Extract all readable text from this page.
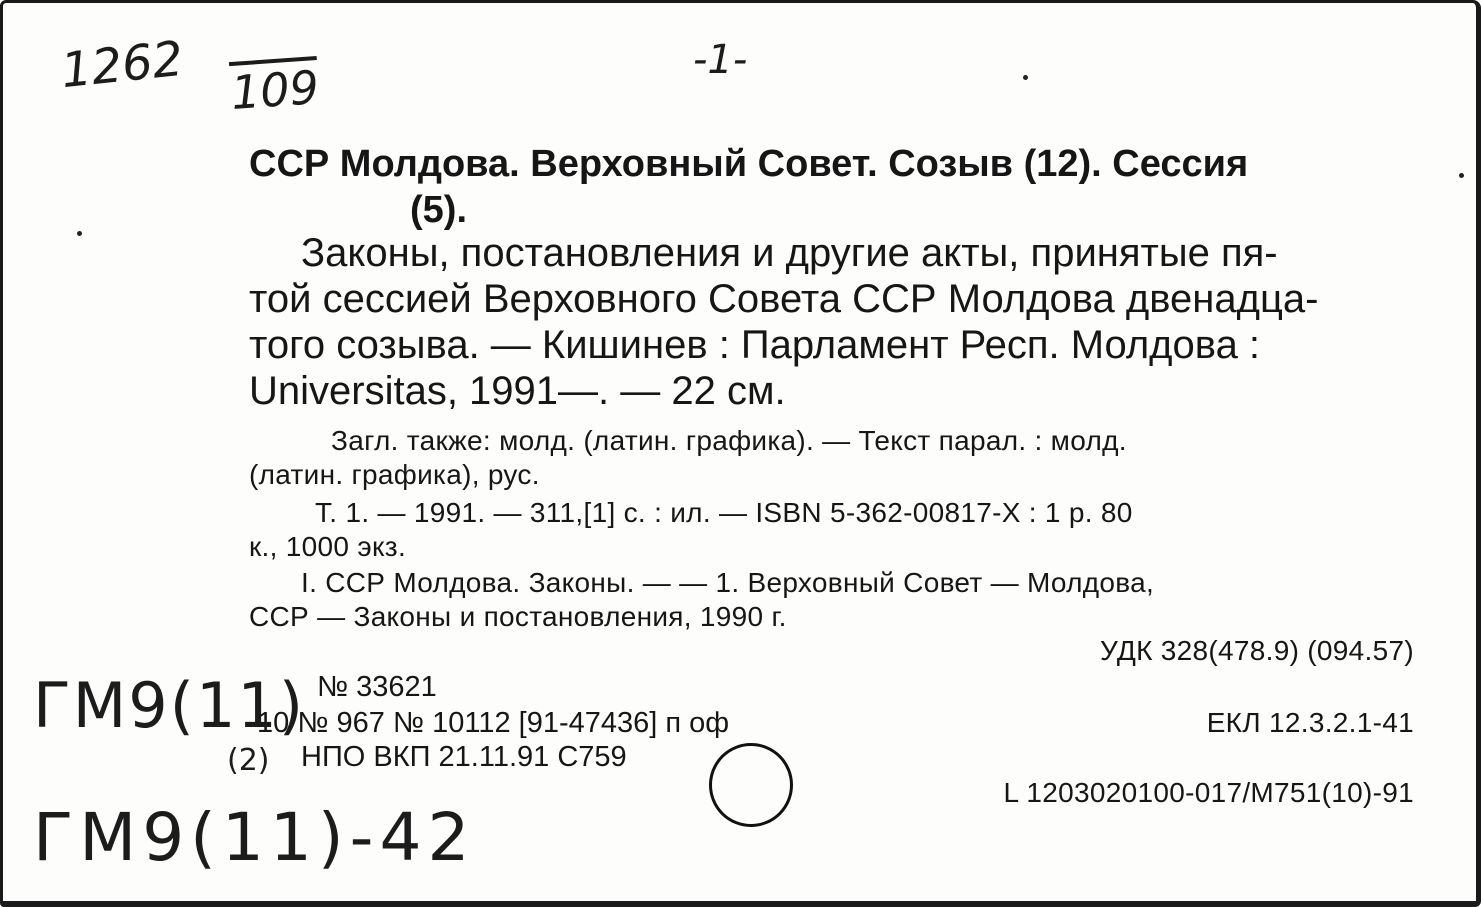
1262 109
-1-
ССР Молдова. Верховный Совет. Созыв (12). Сессия
(5).
Законы, постановления и другие акты, принятые пя-
той сессией Верховного Совета ССР Молдова двенадца-
того созыва. — Кишинев : Парламент Респ. Молдова :
Universitas, 1991—. — 22 см.
Загл. также: молд. (латин. графика). — Текст парал. : молд.
(латин. графика), рус.
Т. 1. — 1991. — 311,[1] с. : ил. — ISBN 5-362-00817-X : 1 р. 80
к., 1000 экз.
I. ССР Молдова. Законы. — — 1. Верховный Совет — Молдова,
ССР — Законы и постановления, 1990 г.
УДК 328(478.9) (094.57)
ЕКЛ 12.3.2.1-41
L 1203020100-017/М751(10)-91
№ 33621
10 № 967 № 10112 [91-47436] п оф
НПО ВКП 21.11.91 С759
ГМ9(11)
(2)
ГМ9(11)-42
